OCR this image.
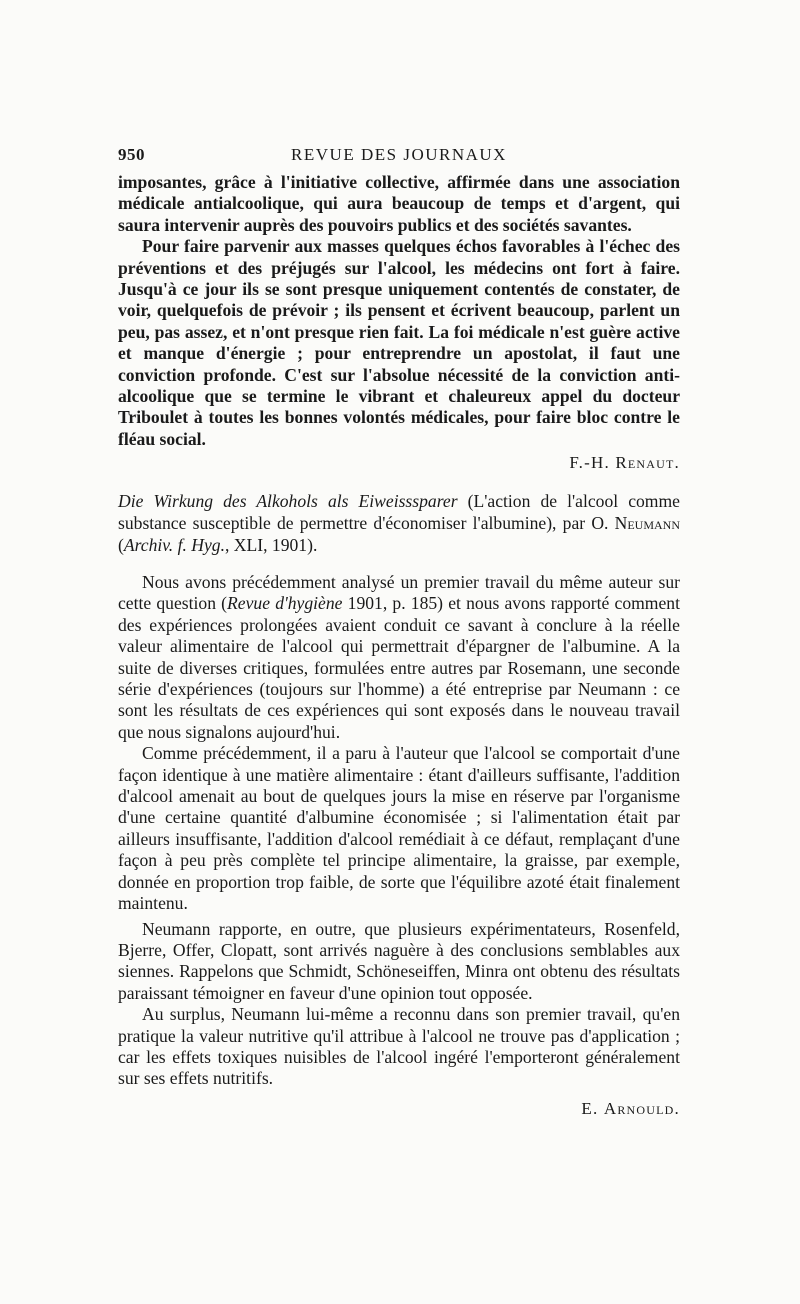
950	REVUE DES JOURNAUX

imposantes, grâce à l'initiative collective, affirmée dans une association médicale antialcoolique, qui aura beaucoup de temps et d'argent, qui saura intervenir auprès des pouvoirs publics et des sociétés savantes.

Pour faire parvenir aux masses quelques échos favorables à l'échec des préventions et des préjugés sur l'alcool, les médecins ont fort à faire. Jusqu'à ce jour ils se sont presque uniquement contentés de constater, de voir, quelquefois de prévoir ; ils pensent et écrivent beaucoup, parlent un peu, pas assez, et n'ont presque rien fait. La foi médicale n'est guère active et manque d'énergie ; pour entreprendre un apostolat, il faut une conviction profonde. C'est sur l'absolue nécessité de la conviction anti-alcoolique que se termine le vibrant et chaleureux appel du docteur Triboulet à toutes les bonnes volontés médicales, pour faire bloc contre le fléau social.

F.-H. Renaut.

Die Wirkung des Alkohols als Eiweisssparer (L'action de l'alcool comme substance susceptible de permettre d'économiser l'albumine), par O. Neumann (Archiv. f. Hyg., XLI, 1901).

Nous avons précédemment analysé un premier travail du même auteur sur cette question (Revue d'hygiène 1901, p. 185) et nous avons rapporté comment des expériences prolongées avaient conduit ce savant à conclure à la réelle valeur alimentaire de l'alcool qui permettrait d'épargner de l'albumine. A la suite de diverses critiques, formulées entre autres par Rosemann, une seconde série d'expériences (toujours sur l'homme) a été entreprise par Neumann : ce sont les résultats de ces expériences qui sont exposés dans le nouveau travail que nous signalons aujourd'hui.

Comme précédemment, il a paru à l'auteur que l'alcool se comportait d'une façon identique à une matière alimentaire : étant d'ailleurs suffisante, l'addition d'alcool amenait au bout de quelques jours la mise en réserve par l'organisme d'une certaine quantité d'albumine économisée ; si l'alimentation était par ailleurs insuffisante, l'addition d'alcool remédiait à ce défaut, remplaçant d'une façon à peu près complète tel principe alimentaire, la graisse, par exemple, donnée en proportion trop faible, de sorte que l'équilibre azoté était finalement maintenu.

Neumann rapporte, en outre, que plusieurs expérimentateurs, Rosenfeld, Bjerre, Offer, Clopatt, sont arrivés naguère à des conclusions semblables aux siennes. Rappelons que Schmidt, Schöneseiffen, Minra ont obtenu des résultats paraissant témoigner en faveur d'une opinion tout opposée.

Au surplus, Neumann lui-même a reconnu dans son premier travail, qu'en pratique la valeur nutritive qu'il attribue à l'alcool ne trouve pas d'application ; car les effets toxiques nuisibles de l'alcool ingéré l'emporteront généralement sur ses effets nutritifs.

E. Arnould.
